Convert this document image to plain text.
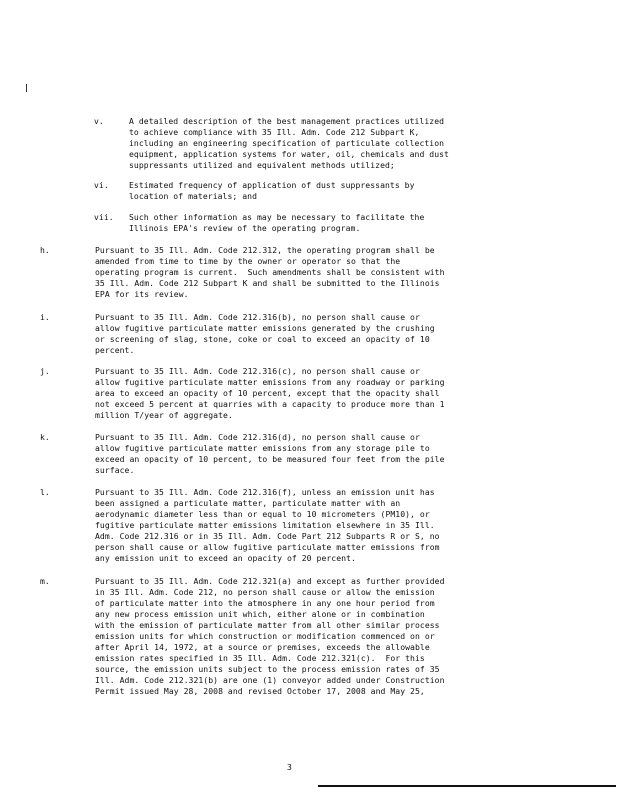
v.	A detailed description of the best management practices utilized
to achieve compliance with 35 Ill. Adm. Code 212 Subpart K,
including an engineering specification of particulate collection
equipment, application systems for water, oil, chemicals and dust
suppressants utilized and equivalent methods utilized;
vi. Estimated frequency of application of dust suppressants by
location of materials; and
vii. Such other information as may be necessary to facilitate the
Illinois EPA's review of the operating program.
h.	Pursuant to 35 Ill. Adm. Code 212.312, the operating program shall be
amended from time to time by the owner or operator so that the
operating program is current.  Such amendments shall be consistent with
35 Ill. Adm. Code 212 Subpart K and shall be submitted to the Illinois
EPA for its review.
i.	Pursuant to 35 Ill. Adm. Code 212.316(b), no person shall cause or
allow fugitive particulate matter emissions generated by the crushing
or screening of slag, stone, coke or coal to exceed an opacity of 10
percent.
j.	Pursuant to 35 Ill. Adm. Code 212.316(c), no person shall cause or
allow fugitive particulate matter emissions from any roadway or parking
area to exceed an opacity of 10 percent, except that the opacity shall
not exceed 5 percent at quarries with a capacity to produce more than 1
million T/year of aggregate.
k.	Pursuant to 35 Ill. Adm. Code 212.316(d), no person shall cause or
allow fugitive particulate matter emissions from any storage pile to
exceed an opacity of 10 percent, to be measured four feet from the pile
surface.
l.	Pursuant to 35 Ill. Adm. Code 212.316(f), unless an emission unit has
been assigned a particulate matter, particulate matter with an
aerodynamic diameter less than or equal to 10 micrometers (PM10), or
fugitive particulate matter emissions limitation elsewhere in 35 Ill.
Adm. Code 212.316 or in 35 Ill. Adm. Code Part 212 Subparts R or S, no
person shall cause or allow fugitive particulate matter emissions from
any emission unit to exceed an opacity of 20 percent.
m.	Pursuant to 35 Ill. Adm. Code 212.321(a) and except as further provided
in 35 Ill. Adm. Code 212, no person shall cause or allow the emission
of particulate matter into the atmosphere in any one hour period from
any new process emission unit which, either alone or in combination
with the emission of particulate matter from all other similar process
emission units for which construction or modification commenced on or
after April 14, 1972, at a source or premises, exceeds the allowable
emission rates specified in 35 Ill. Adm. Code 212.321(c).  For this
source, the emission units subject to the process emission rates of 35
Ill. Adm. Code 212.321(b) are one (1) conveyor added under Construction
Permit issued May 28, 2008 and revised October 17, 2008 and May 25,
3
